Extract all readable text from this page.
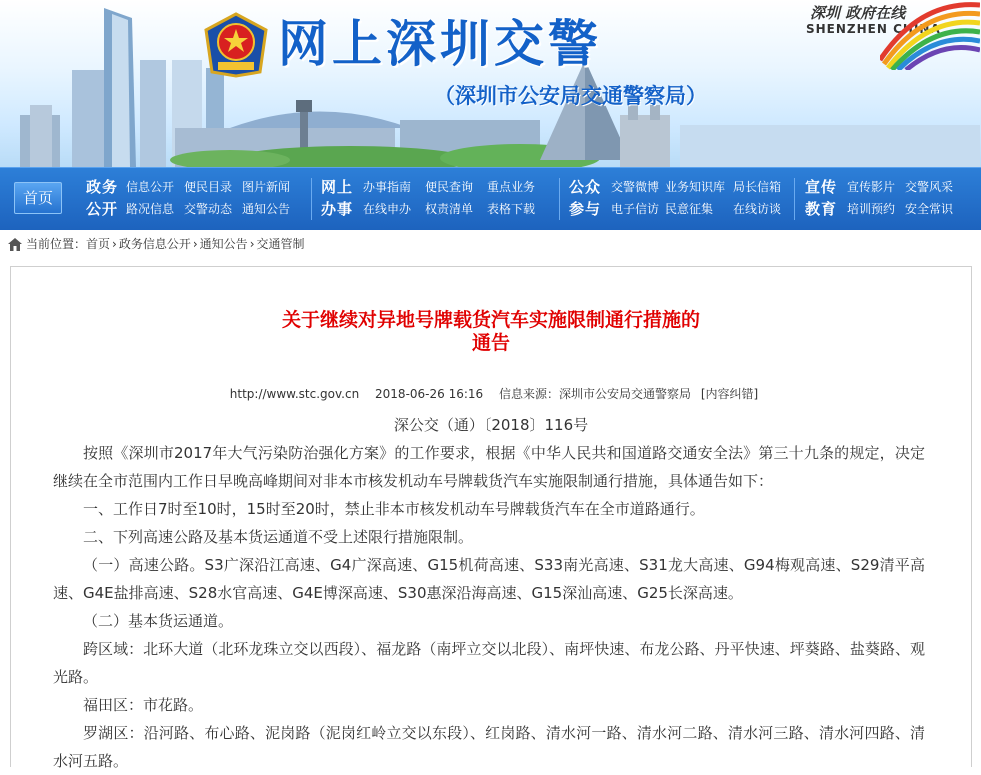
网上深圳交警
（深圳市公安局交通警察局）
深圳 政府在线
SHENZHEN CHINA
首页
政务
公开
信息公开 便民目录 图片新闻
路况信息 交警动态 通知公告
网上
办事
办事指南 便民查询 重点业务
在线申办 权责清单 表格下载
公众
参与
交警微博 业务知识库 局长信箱
电子信访 民意征集 在线访谈
宣传
教育
宣传影片 交警风采
培训预约 安全常识
当前位置：首页 › 政务信息公开 › 通知公告 › 交通管制
关于继续对异地号牌载货汽车实施限制通行措施的
通告
http://www.stc.gov.cn 2018-06-26 16:16 信息来源：深圳市公安局交通警察局 [内容纠错]
深公交（通）〔2018〕116号

按照《深圳市2017年大气污染防治强化方案》的工作要求，根据《中华人民共和国道路交通安全法》第三十九条的规定，决定继续在全市范围内工作日早晚高峰期间对非本市核发机动车号牌载货汽车实施限制通行措施，具体通告如下：

一、工作日7时至10时，15时至20时，禁止非本市核发机动车号牌载货汽车在全市道路通行。

二、下列高速公路及基本货运通道不受上述限行措施限制。

（一）高速公路。S3广深沿江高速、G4广深高速、G15机荷高速、S33南光高速、S31龙大高速、G94梅观高速、S29清平高速、G4E盐排高速、S28水官高速、G4E博深高速、S30惠深沿海高速、G15深汕高速、G25长深高速。

（二）基本货运通道。

跨区域：北环大道（北环龙珠立交以西段）、福龙路（南坪立交以北段）、南坪快速、布龙公路、丹平快速、坪葵路、盐葵路、观光路。

福田区：市花路。

罗湖区：沿河路、布心路、泥岗路（泥岗红岭立交以东段）、红岗路、清水河一路、清水河二路、清水河三路、清水河四路、清水河五路。
